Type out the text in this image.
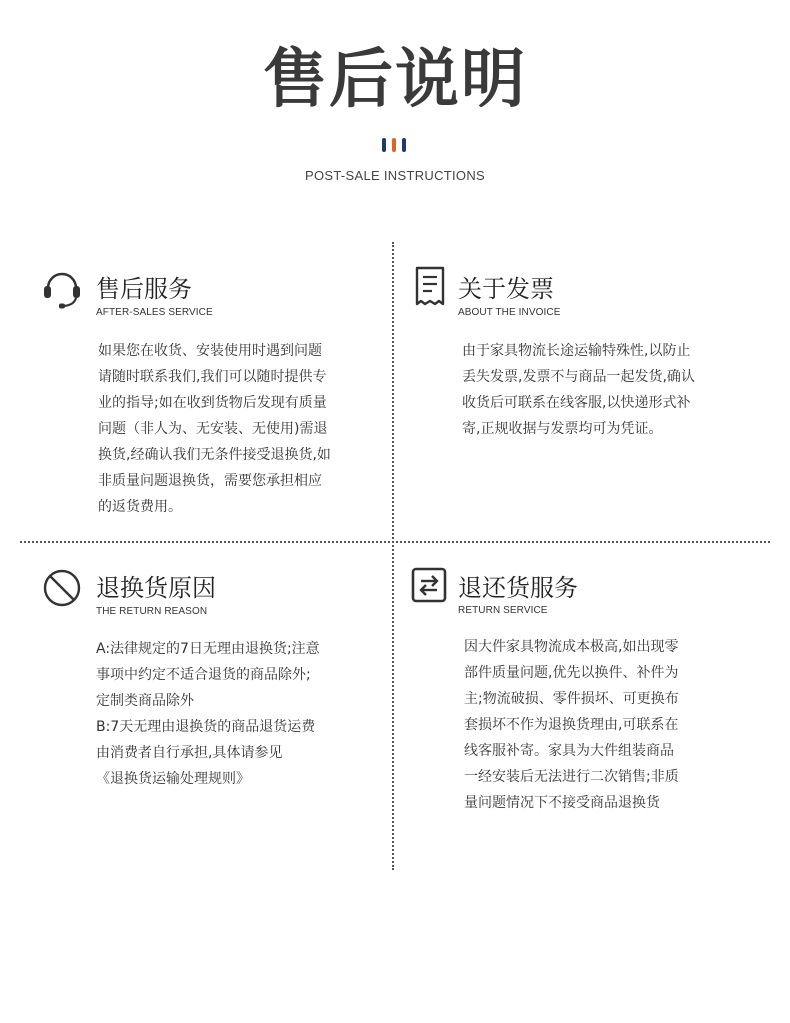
售后说明
POST-SALE INSTRUCTIONS
售后服务
AFTER-SALES SERVICE
如果您在收货、安装使用时遇到问题
请随时联系我们,我们可以随时提供专
业的指导;如在收到货物后发现有质量
问题（非人为、无安装、无使用)需退
换货,经确认我们无条件接受退换货,如
非质量问题退换货，需要您承担相应
的返货费用。
关于发票
ABOUT THE INVOICE
由于家具物流长途运输特殊性,以防止
丢失发票,发票不与商品一起发货,确认
收货后可联系在线客服,以快递形式补
寄,正规收据与发票均可为凭证。
退换货原因
THE RETURN REASON
A:法律规定的7日无理由退换货;注意
事项中约定不适合退货的商品除外;
定制类商品除外
B:7天无理由退换货的商品退货运费
由消费者自行承担,具体请参见
《退换货运输处理规则》
退还货服务
RETURN SERVICE
因大件家具物流成本极高,如出现零
部件质量问题,优先以换件、补件为
主;物流破损、零件损坏、可更换布
套损坏不作为退换货理由,可联系在
线客服补寄。家具为大件组装商品
一经安装后无法进行二次销售;非质
量问题情况下不接受商品退换货
